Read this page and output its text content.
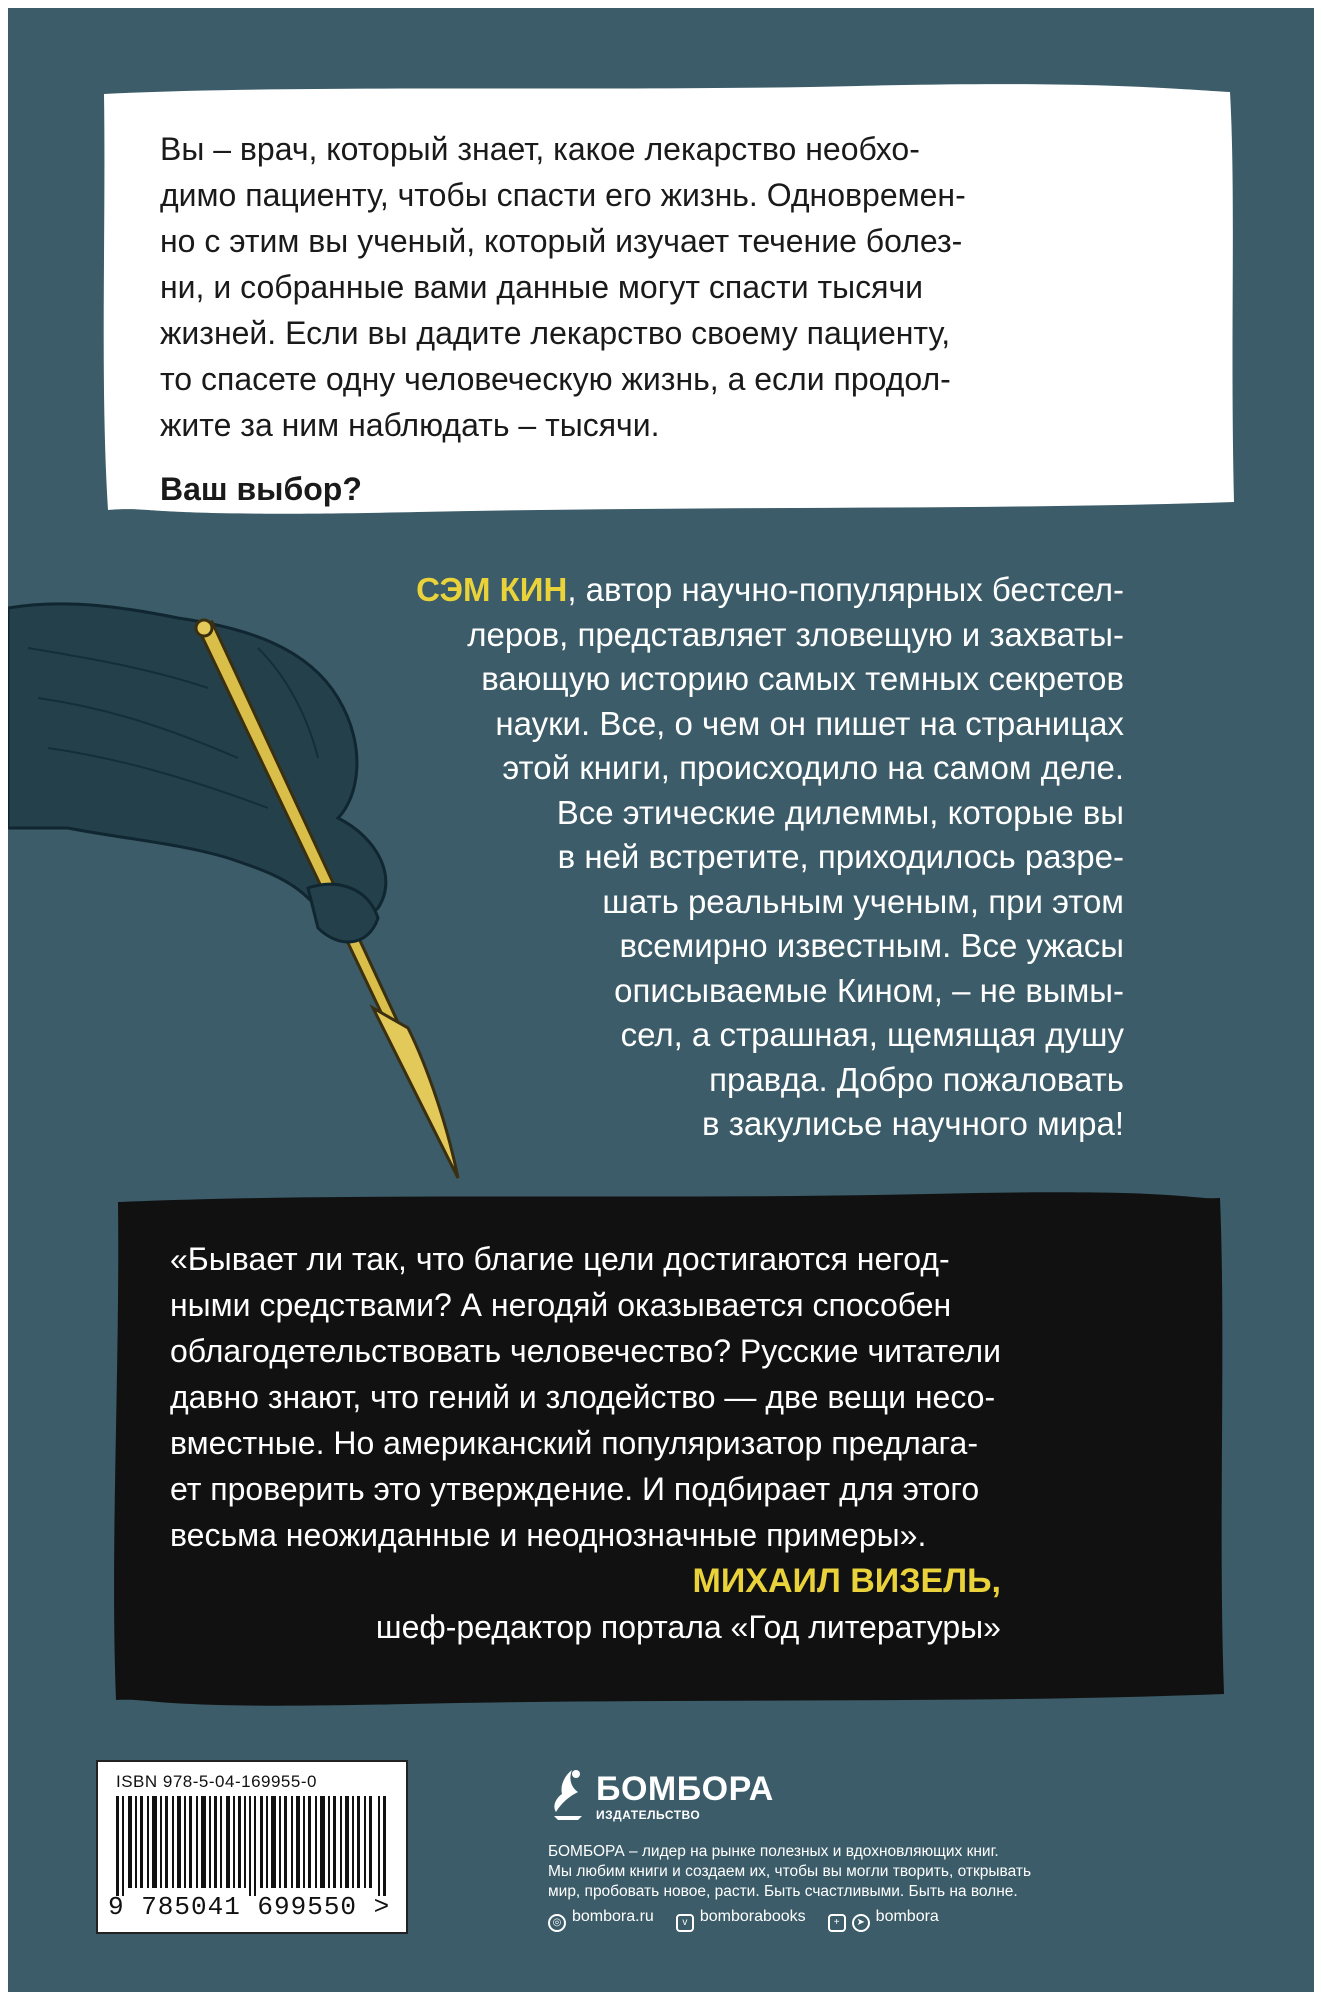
Вы – врач, который знает, какое лекарство необхо-
димо пациенту, чтобы спасти его жизнь. Одновремен-
но с этим вы ученый, который изучает течение болез-
ни, и собранные вами данные могут спасти тысячи
жизней. Если вы дадите лекарство своему пациенту,
то спасете одну человеческую жизнь, а если продол-
жите за ним наблюдать – тысячи.
Ваш выбор?
СЭМ КИН, автор научно-популярных бестсел-
леров, представляет зловещую и захваты-
вающую историю самых темных секретов
науки. Все, о чем он пишет на страницах
этой книги, происходило на самом деле.
Все этические дилеммы, которые вы
в ней встретите, приходилось разре-
шать реальным ученым, при этом
всемирно известным. Все ужасы
описываемые Кином, – не вымы-
сел, а страшная, щемящая душу
правда. Добро пожаловать
в закулисье научного мира!
«Бывает ли так, что благие цели достигаются негод-
ными средствами? А негодяй оказывается способен
облагодетельствовать человечество? Русские читатели
давно знают, что гений и злодейство — две вещи несо-
вместные. Но американский популяризатор предлага-
ет проверить это утверждение. И подбирает для этого
весьма неожиданные и неоднозначные примеры».
МИХАИЛ ВИЗЕЛЬ,
шеф-редактор портала «Год литературы»
ISBN 978-5-04-169955-0
9 785041 699550 >
БОМБОРА
ИЗДАТЕЛЬСТВО
БОМБОРА – лидер на рынке полезных и вдохновляющих книг.
Мы любим книги и создаем их, чтобы вы могли творить, открывать
мир, пробовать новое, расти. Быть счастливыми. Быть на волне.
◎ bombora.ru	v bomborabooks	+ ➤ bombora
